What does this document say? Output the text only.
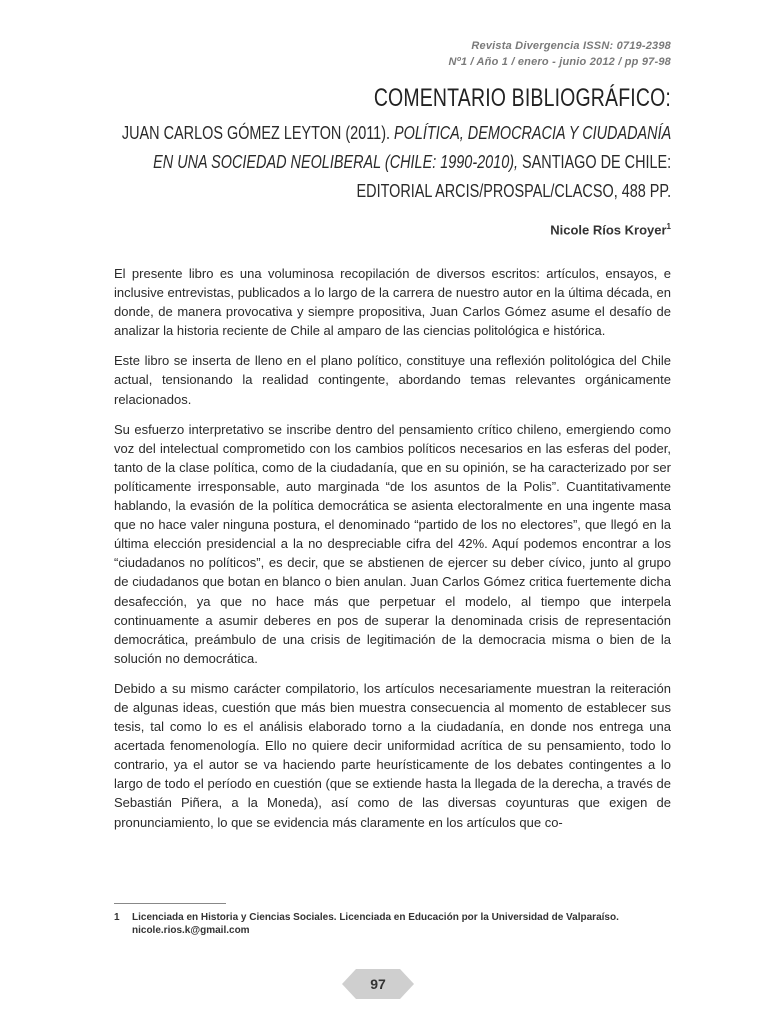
Revista Divergencia ISSN: 0719-2398
Nº1 / Año 1 / enero - junio 2012 / pp 97-98
COMENTARIO BIBLIOGRÁFICO:
JUAN CARLOS GÓMEZ LEYTON (2011). POLÍTICA, DEMOCRACIA Y CIUDADANÍA
EN UNA SOCIEDAD NEOLIBERAL (CHILE: 1990-2010), SANTIAGO DE CHILE:
EDITORIAL ARCIS/PROSPAL/CLACSO, 488 PP.
Nicole Ríos Kroyer$^1$

El presente libro es una voluminosa recopilación de diversos escritos: artículos, ensayos, e inclusive entrevistas, publicados a lo largo de la carrera de nuestro autor en la última década, en donde, de manera provocativa y siempre propositiva, Juan Carlos Gómez asume el desafío de analizar la historia reciente de Chile al amparo de las ciencias politológica e histórica.

Este libro se inserta de lleno en el plano político, constituye una reflexión politológica del Chile actual, tensionando la realidad contingente, abordando temas relevantes orgánicamente relacionados.

Su esfuerzo interpretativo se inscribe dentro del pensamiento crítico chileno, emergiendo como voz del intelectual comprometido con los cambios políticos necesarios en las esferas del poder, tanto de la clase política, como de la ciudadanía, que en su opinión, se ha caracterizado por ser políticamente irresponsable, auto marginada “de los asuntos de la Polis”. Cuantitativamente hablando, la evasión de la política democrática se asienta electoralmente en una ingente masa que no hace valer ninguna postura, el denominado “partido de los no electores”, que llegó en la última elección presidencial a la no despreciable cifra del 42%. Aquí podemos encontrar a los “ciudadanos no políticos”, es decir, que se abstienen de ejercer su deber cívico, junto al grupo de ciudadanos que botan en blanco o bien anulan. Juan Carlos Gómez critica fuertemente dicha desafección, ya que no hace más que perpetuar el modelo, al tiempo que interpela continuamente a asumir deberes en pos de superar la denominada crisis de representación democrática, preámbulo de una crisis de legitimación de la democracia misma o bien de la solución no democrática.

Debido a su mismo carácter compilatorio, los artículos necesariamente muestran la reiteración de algunas ideas, cuestión que más bien muestra consecuencia al momento de establecer sus tesis, tal como lo es el análisis elaborado torno a la ciudadanía, en donde nos entrega una acertada fenomenología. Ello no quiere decir uniformidad acrítica de su pensamiento, todo lo contrario, ya el autor se va haciendo parte heurísticamente de los debates contingentes a lo largo de todo el período en cuestión (que se extiende hasta la llegada de la derecha, a través de Sebastián Piñera, a la Moneda), así como de las diversas coyunturas que exigen de pronunciamiento, lo que se evidencia más claramente en los artículos que co-

1 Licenciada en Historia y Ciencias Sociales. Licenciada en Educación por la Universidad de Valparaíso.
nicole.rios.k@gmail.com
97
